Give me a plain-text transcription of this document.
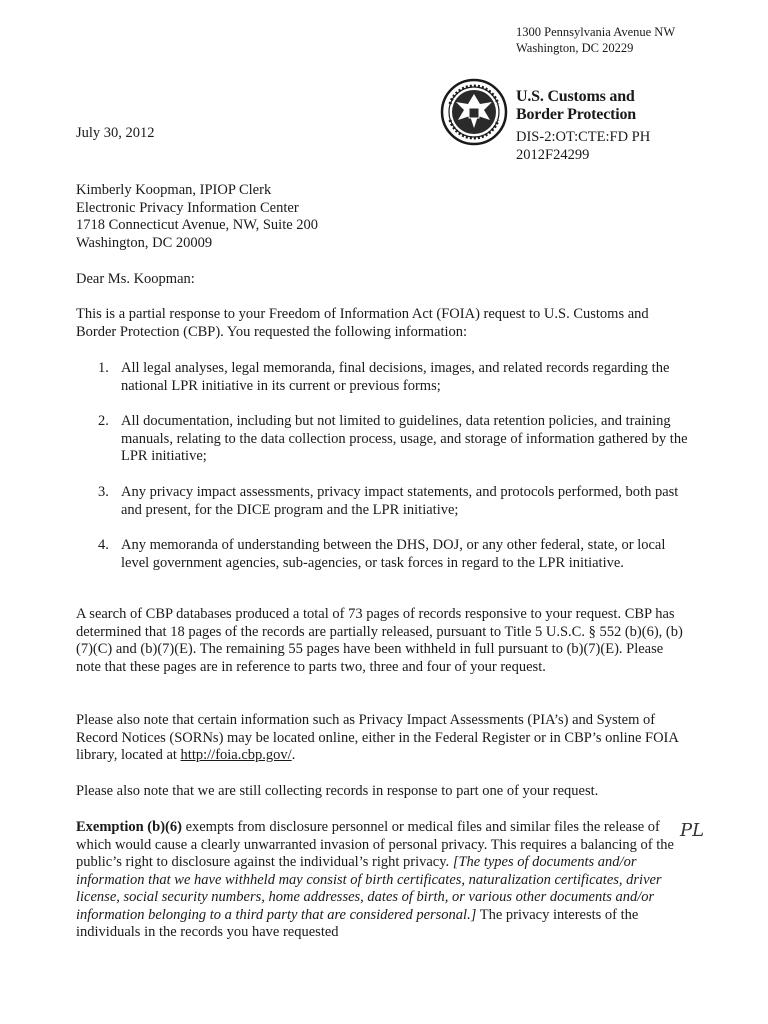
1300 Pennsylvania Avenue NW
Washington, DC 20229
U.S. Customs and
Border Protection
DIS-2:OT:CTE:FD PH
2012F24299
July 30, 2012
Kimberly Koopman, IPIOP Clerk
Electronic Privacy Information Center
1718 Connecticut Avenue, NW, Suite 200
Washington, DC 20009
Dear Ms. Koopman:
This is a partial response to your Freedom of Information Act (FOIA) request to U.S. Customs and Border Protection (CBP). You requested the following information:
1. All legal analyses, legal memoranda, final decisions, images, and related records regarding the national LPR initiative in its current or previous forms;
2. All documentation, including but not limited to guidelines, data retention policies, and training manuals, relating to the data collection process, usage, and storage of information gathered by the LPR initiative;
3. Any privacy impact assessments, privacy impact statements, and protocols performed, both past and present, for the DICE program and the LPR initiative;
4. Any memoranda of understanding between the DHS, DOJ, or any other federal, state, or local level government agencies, sub-agencies, or task forces in regard to the LPR initiative.
A search of CBP databases produced a total of 73 pages of records responsive to your request. CBP has determined that 18 pages of the records are partially released, pursuant to Title 5 U.S.C. § 552 (b)(6), (b)(7)(C) and (b)(7)(E). The remaining 55 pages have been withheld in full pursuant to (b)(7)(E). Please note that these pages are in reference to parts two, three and four of your request.
Please also note that certain information such as Privacy Impact Assessments (PIA’s) and System of Record Notices (SORNs) may be located online, either in the Federal Register or in CBP’s online FOIA library, located at http://foia.cbp.gov/.
Please also note that we are still collecting records in response to part one of your request.
Exemption (b)(6) exempts from disclosure personnel or medical files and similar files the release of which would cause a clearly unwarranted invasion of personal privacy. This requires a balancing of the public’s right to disclosure against the individual’s right privacy. [The types of documents and/or information that we have withheld may consist of birth certificates, naturalization certificates, driver license, social security numbers, home addresses, dates of birth, or various other documents and/or information belonging to a third party that are considered personal.] The privacy interests of the individuals in the records you have requested
PL
